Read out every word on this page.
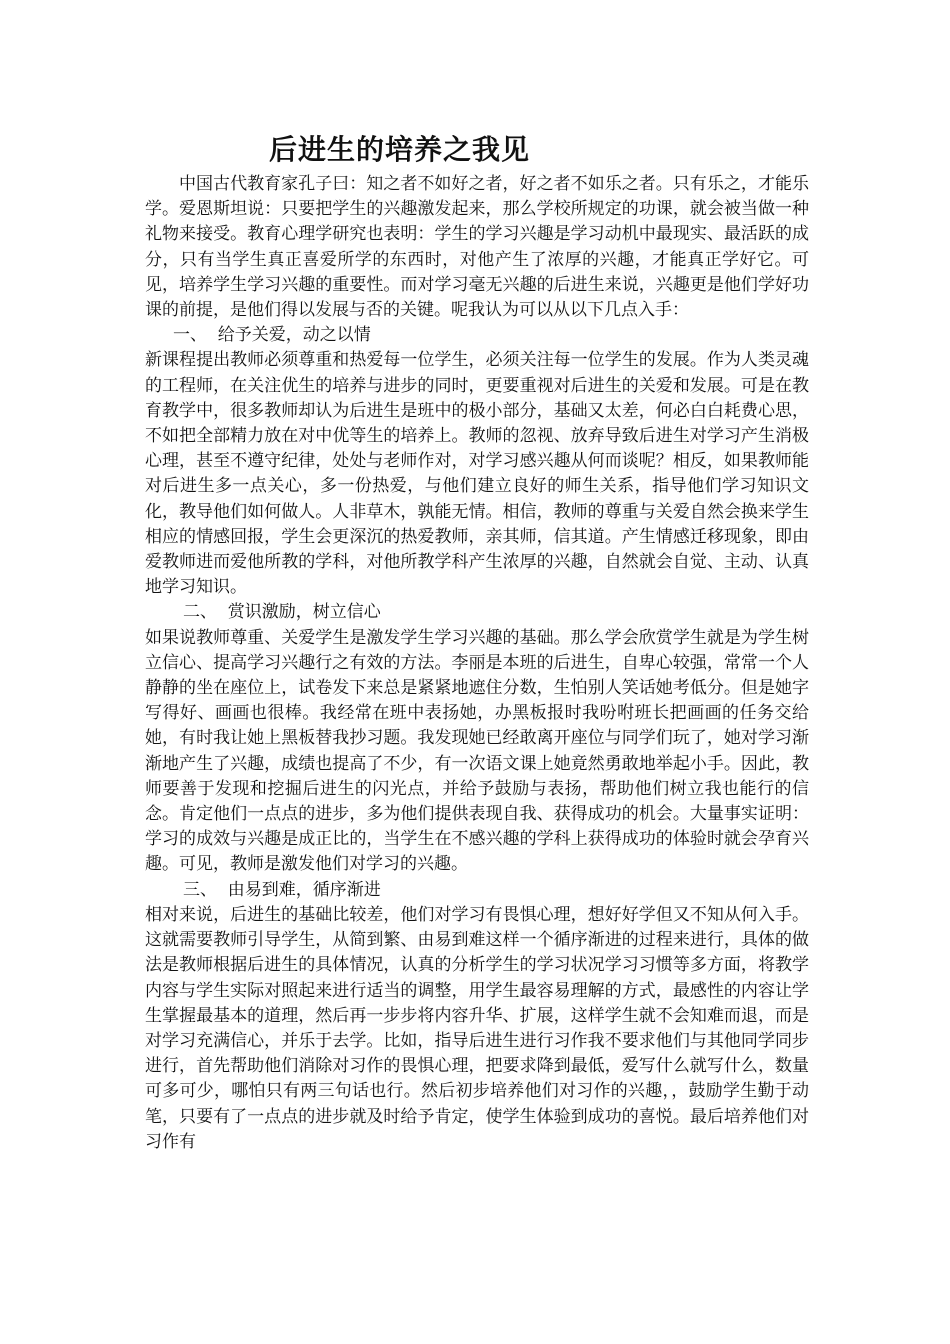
后进生的培养之我见

中国古代教育家孔子曰：知之者不如好之者，好之者不如乐之者。只有乐之，才能乐学。爱恩斯坦说：只要把学生的兴趣激发起来，那么学校所规定的功课，就会被当做一种礼物来接受。教育心理学研究也表明：学生的学习兴趣是学习动机中最现实、最活跃的成分，只有当学生真正喜爱所学的东西时，对他产生了浓厚的兴趣，才能真正学好它。可见，培养学生学习兴趣的重要性。而对学习毫无兴趣的后进生来说，兴趣更是他们学好功课的前提，是他们得以发展与否的关键。呢我认为可以从以下几点入手：

一、  给予关爱，动之以情

新课程提出教师必须尊重和热爱每一位学生，必须关注每一位学生的发展。作为人类灵魂的工程师，在关注优生的培养与进步的同时，更要重视对后进生的关爱和发展。可是在教育教学中，很多教师却认为后进生是班中的极小部分，基础又太差，何必白白耗费心思，不如把全部精力放在对中优等生的培养上。教师的忽视、放弃导致后进生对学习产生消极心理，甚至不遵守纪律，处处与老师作对，对学习感兴趣从何而谈呢？相反，如果教师能对后进生多一点关心，多一份热爱，与他们建立良好的师生关系，指导他们学习知识文化，教导他们如何做人。人非草木，孰能无情。相信，教师的尊重与关爱自然会换来学生相应的情感回报，学生会更深沉的热爱教师，亲其师，信其道。产生情感迁移现象，即由爱教师进而爱他所教的学科，对他所教学科产生浓厚的兴趣，自然就会自觉、主动、认真地学习知识。

二、  赏识激励，树立信心

如果说教师尊重、关爱学生是激发学生学习兴趣的基础。那么学会欣赏学生就是为学生树立信心、提高学习兴趣行之有效的方法。李丽是本班的后进生，自卑心较强，常常一个人静静的坐在座位上，试卷发下来总是紧紧地遮住分数，生怕别人笑话她考低分。但是她字写得好、画画也很棒。我经常在班中表扬她，办黑板报时我吩咐班长把画画的任务交给她，有时我让她上黑板替我抄习题。我发现她已经敢离开座位与同学们玩了，她对学习渐渐地产生了兴趣，成绩也提高了不少，有一次语文课上她竟然勇敢地举起小手。因此，教师要善于发现和挖掘后进生的闪光点，并给予鼓励与表扬，帮助他们树立我也能行的信念。肯定他们一点点的进步，多为他们提供表现自我、获得成功的机会。大量事实证明：学习的成效与兴趣是成正比的，当学生在不感兴趣的学科上获得成功的体验时就会孕育兴趣。可见，教师是激发他们对学习的兴趣。

三、  由易到难，循序渐进

相对来说，后进生的基础比较差，他们对学习有畏惧心理，想好好学但又不知从何入手。这就需要教师引导学生，从简到繁、由易到难这样一个循序渐进的过程来进行，具体的做法是教师根据后进生的具体情况，认真的分析学生的学习状况学习习惯等多方面，将教学内容与学生实际对照起来进行适当的调整，用学生最容易理解的方式，最感性的内容让学生掌握最基本的道理，然后再一步步将内容升华、扩展，这样学生就不会知难而退，而是对学习充满信心，并乐于去学。比如，指导后进生进行习作我不要求他们与其他同学同步进行，首先帮助他们消除对习作的畏惧心理，把要求降到最低，爱写什么就写什么，数量可多可少，哪怕只有两三句话也行。然后初步培养他们对习作的兴趣，，鼓励学生勤于动笔，只要有了一点点的进步就及时给予肯定，使学生体验到成功的喜悦。最后培养他们对习作有
